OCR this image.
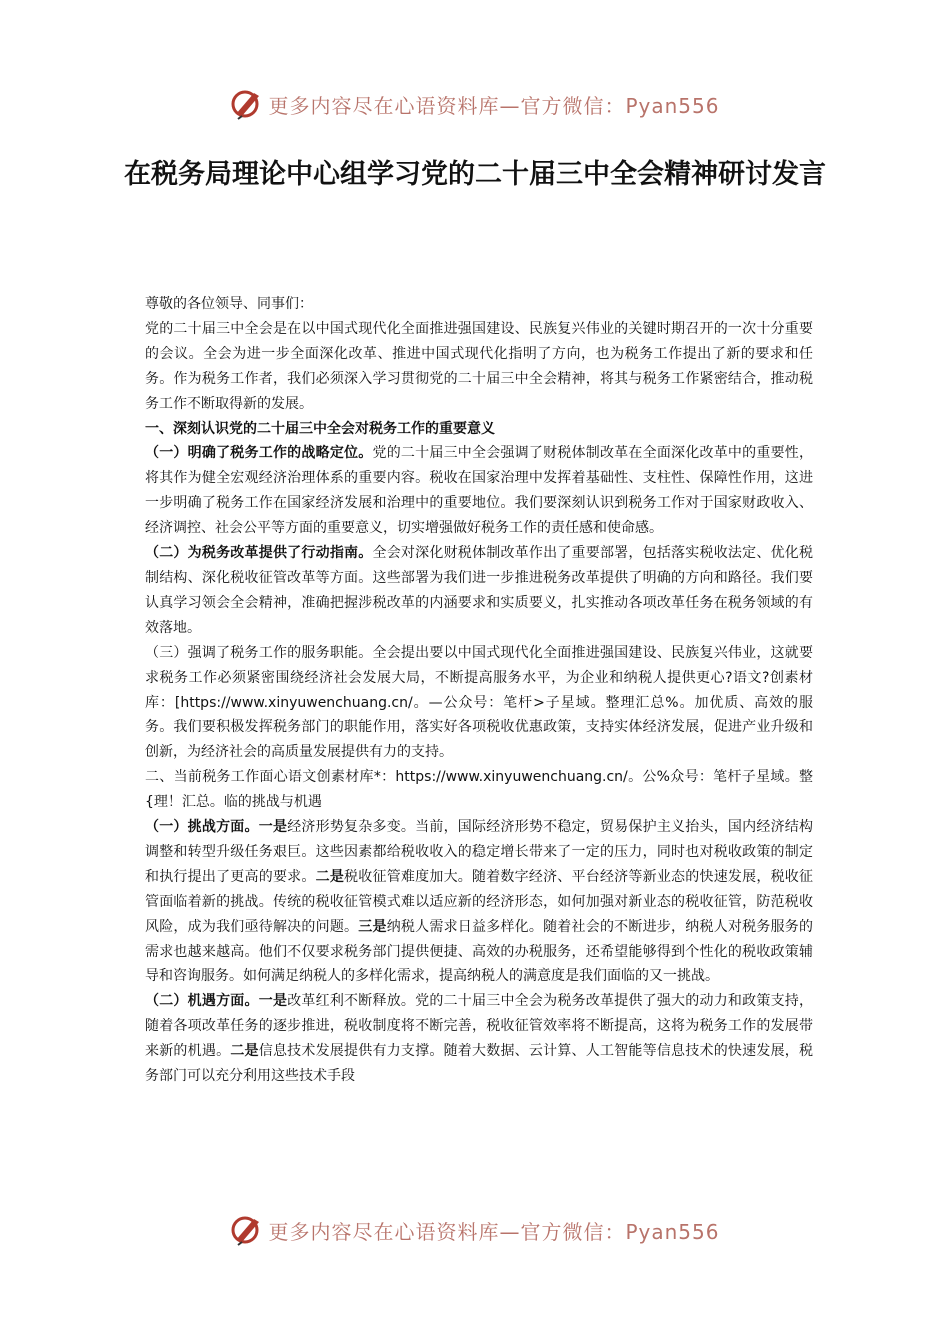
更多内容尽在心语资料库—官方微信：Pyan556
在税务局理论中心组学习党的二十届三中全会精神研讨发言

尊敬的各位领导、同事们：

党的二十届三中全会是在以中国式现代化全面推进强国建设、民族复兴伟业的关键时期召开的一次十分重要的会议。全会为进一步全面深化改革、推进中国式现代化指明了方向，也为税务工作提出了新的要求和任务。作为税务工作者，我们必须深入学习贯彻党的二十届三中全会精神，将其与税务工作紧密结合，推动税务工作不断取得新的发展。

一、深刻认识党的二十届三中全会对税务工作的重要意义

（一）明确了税务工作的战略定位。党的二十届三中全会强调了财税体制改革在全面深化改革中的重要性，将其作为健全宏观经济治理体系的重要内容。税收在国家治理中发挥着基础性、支柱性、保障性作用，这进一步明确了税务工作在国家经济发展和治理中的重要地位。我们要深刻认识到税务工作对于国家财政收入、经济调控、社会公平等方面的重要意义，切实增强做好税务工作的责任感和使命感。

（二）为税务改革提供了行动指南。全会对深化财税体制改革作出了重要部署，包括落实税收法定、优化税制结构、深化税收征管改革等方面。这些部署为我们进一步推进税务改革提供了明确的方向和路径。我们要认真学习领会全会精神，准确把握涉税改革的内涵要求和实质要义，扎实推动各项改革任务在税务领域的有效落地。

（三）强调了税务工作的服务职能。全会提出要以中国式现代化全面推进强国建设、民族复兴伟业，这就要求税务工作必须紧密围绕经济社会发展大局，不断提高服务水平，为企业和纳税人提供更心?语文?创素材库：[https://www.xinyuwenchuang.cn/。—公众号：笔杆>子星域。整理汇总%。加优质、高效的服务。我们要积极发挥税务部门的职能作用，落实好各项税收优惠政策，支持实体经济发展，促进产业升级和创新，为经济社会的高质量发展提供有力的支持。

二、当前税务工作面心语文创素材库*：https://www.xinyuwenchuang.cn/。公%众号：笔杆子星域。整{理！汇总。临的挑战与机遇

（一）挑战方面。一是经济形势复杂多变。当前，国际经济形势不稳定，贸易保护主义抬头，国内经济结构调整和转型升级任务艰巨。这些因素都给税收收入的稳定增长带来了一定的压力，同时也对税收政策的制定和执行提出了更高的要求。二是税收征管难度加大。随着数字经济、平台经济等新业态的快速发展，税收征管面临着新的挑战。传统的税收征管模式难以适应新的经济形态，如何加强对新业态的税收征管，防范税收风险，成为我们亟待解决的问题。三是纳税人需求日益多样化。随着社会的不断进步，纳税人对税务服务的需求也越来越高。他们不仅要求税务部门提供便捷、高效的办税服务，还希望能够得到个性化的税收政策辅导和咨询服务。如何满足纳税人的多样化需求，提高纳税人的满意度是我们面临的又一挑战。

（二）机遇方面。一是改革红利不断释放。党的二十届三中全会为税务改革提供了强大的动力和政策支持，随着各项改革任务的逐步推进，税收制度将不断完善，税收征管效率将不断提高，这将为税务工作的发展带来新的机遇。二是信息技术发展提供有力支撑。随着大数据、云计算、人工智能等信息技术的快速发展，税务部门可以充分利用这些技术手段

更多内容尽在心语资料库—官方微信：Pyan556
